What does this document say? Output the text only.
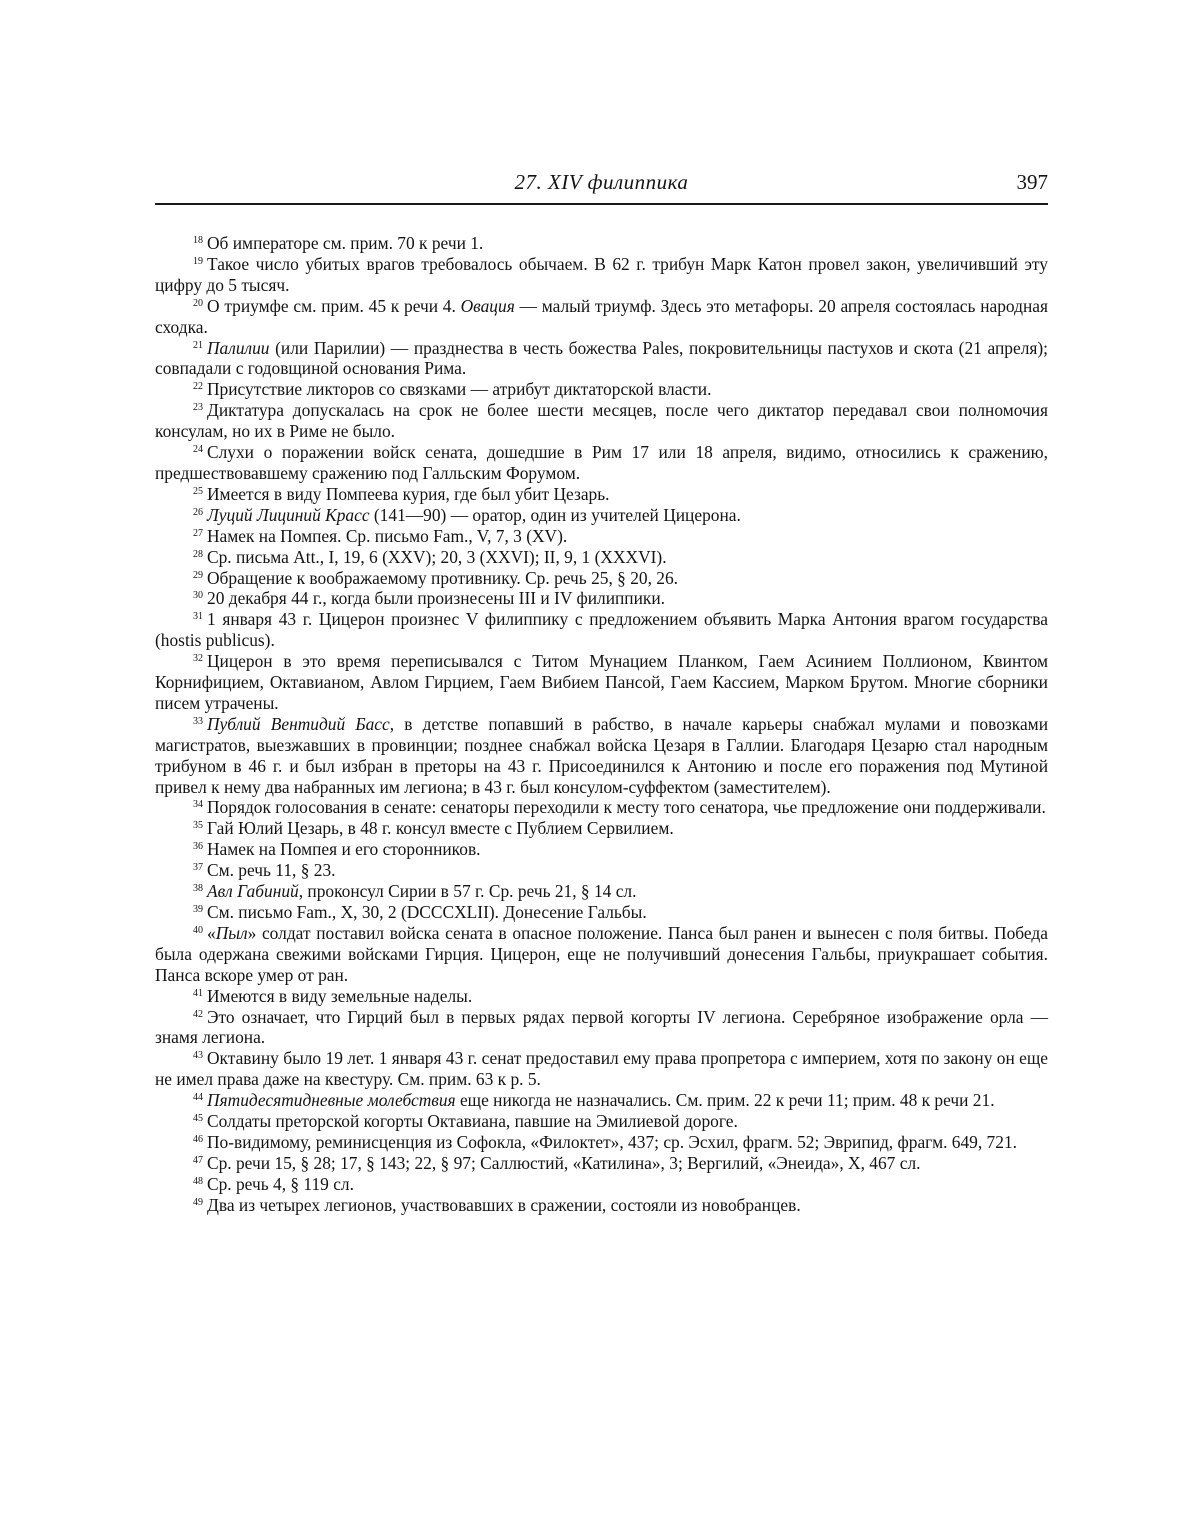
27. XIV филиппика	397

$^{18}$ Об императоре см. прим. 70 к речи 1.

$^{19}$ Такое число убитых врагов требовалось обычаем. В 62 г. трибун Марк Катон провел закон, увеличивший эту цифру до 5 тысяч.

$^{20}$ О триумфе см. прим. 45 к речи 4. Овация — малый триумф. Здесь это метафоры. 20 апреля состоялась народная сходка.

$^{21}$ Палилии (или Парилии) — празднества в честь божества Pales, покровительницы пастухов и скота (21 апреля); совпадали с годовщиной основания Рима.

$^{22}$ Присутствие ликторов со связками — атрибут диктаторской власти.

$^{23}$ Диктатура допускалась на срок не более шести месяцев, после чего диктатор передавал свои полномочия консулам, но их в Риме не было.

$^{24}$ Слухи о поражении войск сената, дошедшие в Рим 17 или 18 апреля, видимо, относились к сражению, предшествовавшему сражению под Галльским Форумом.

$^{25}$ Имеется в виду Помпеева курия, где был убит Цезарь.

$^{26}$ Луций Лициний Красс (141—90) — оратор, один из учителей Цицерона.

$^{27}$ Намек на Помпея. Ср. письмо Fam., V, 7, 3 (XV).

$^{28}$ Ср. письма Att., I, 19, 6 (XXV); 20, 3 (XXVI); II, 9, 1 (XXXVI).

$^{29}$ Обращение к воображаемому противнику. Ср. речь 25, § 20, 26.

$^{30}$ 20 декабря 44 г., когда были произнесены III и IV филиппики.

$^{31}$ 1 января 43 г. Цицерон произнес V филиппику с предложением объявить Марка Антония врагом государства (hostis publicus).

$^{32}$ Цицерон в это время переписывался с Титом Мунацием Планком, Гаем Асинием Поллионом, Квинтом Корнифицием, Октавианом, Авлом Гирцием, Гаем Вибием Пансой, Гаем Кассием, Марком Брутом. Многие сборники писем утрачены.

$^{33}$ Публий Вентидий Басс, в детстве попавший в рабство, в начале карьеры снабжал мулами и повозками магистратов, выезжавших в провинции; позднее снабжал войска Цезаря в Галлии. Благодаря Цезарю стал народным трибуном в 46 г. и был избран в преторы на 43 г. Присоединился к Антонию и после его поражения под Мутиной привел к нему два набранных им легиона; в 43 г. был консулом-суффектом (заместителем).

$^{34}$ Порядок голосования в сенате: сенаторы переходили к месту того сенатора, чье предложение они поддерживали.

$^{35}$ Гай Юлий Цезарь, в 48 г. консул вместе с Публием Сервилием.

$^{36}$ Намек на Помпея и его сторонников.

$^{37}$ См. речь 11, § 23.

$^{38}$ Авл Габиний, проконсул Сирии в 57 г. Ср. речь 21, § 14 сл.

$^{39}$ См. письмо Fam., X, 30, 2 (DCCCXLII). Донесение Гальбы.

$^{40}$ «Пыл» солдат поставил войска сената в опасное положение. Панса был ранен и вынесен с поля битвы. Победа была одержана свежими войсками Гирция. Цицерон, еще не получивший донесения Гальбы, приукрашает события. Панса вскоре умер от ран.

$^{41}$ Имеются в виду земельные наделы.

$^{42}$ Это означает, что Гирций был в первых рядах первой когорты IV легиона. Серебряное изображение орла — знамя легиона.

$^{43}$ Октавину было 19 лет. 1 января 43 г. сенат предоставил ему права пропретора с империем, хотя по закону он еще не имел права даже на квестуру. См. прим. 63 к р. 5.

$^{44}$ Пятидесятидневные молебствия еще никогда не назначались. См. прим. 22 к речи 11; прим. 48 к речи 21.

$^{45}$ Солдаты преторской когорты Октавиана, павшие на Эмилиевой дороге.

$^{46}$ По-видимому, реминисценция из Софокла, «Филоктет», 437; ср. Эсхил, фрагм. 52; Эврипид, фрагм. 649, 721.

$^{47}$ Ср. речи 15, § 28; 17, § 143; 22, § 97; Саллюстий, «Катилина», 3; Вергилий, «Энеида», X, 467 сл.

$^{48}$ Ср. речь 4, § 119 сл.

$^{49}$ Два из четырех легионов, участвовавших в сражении, состояли из новобранцев.
